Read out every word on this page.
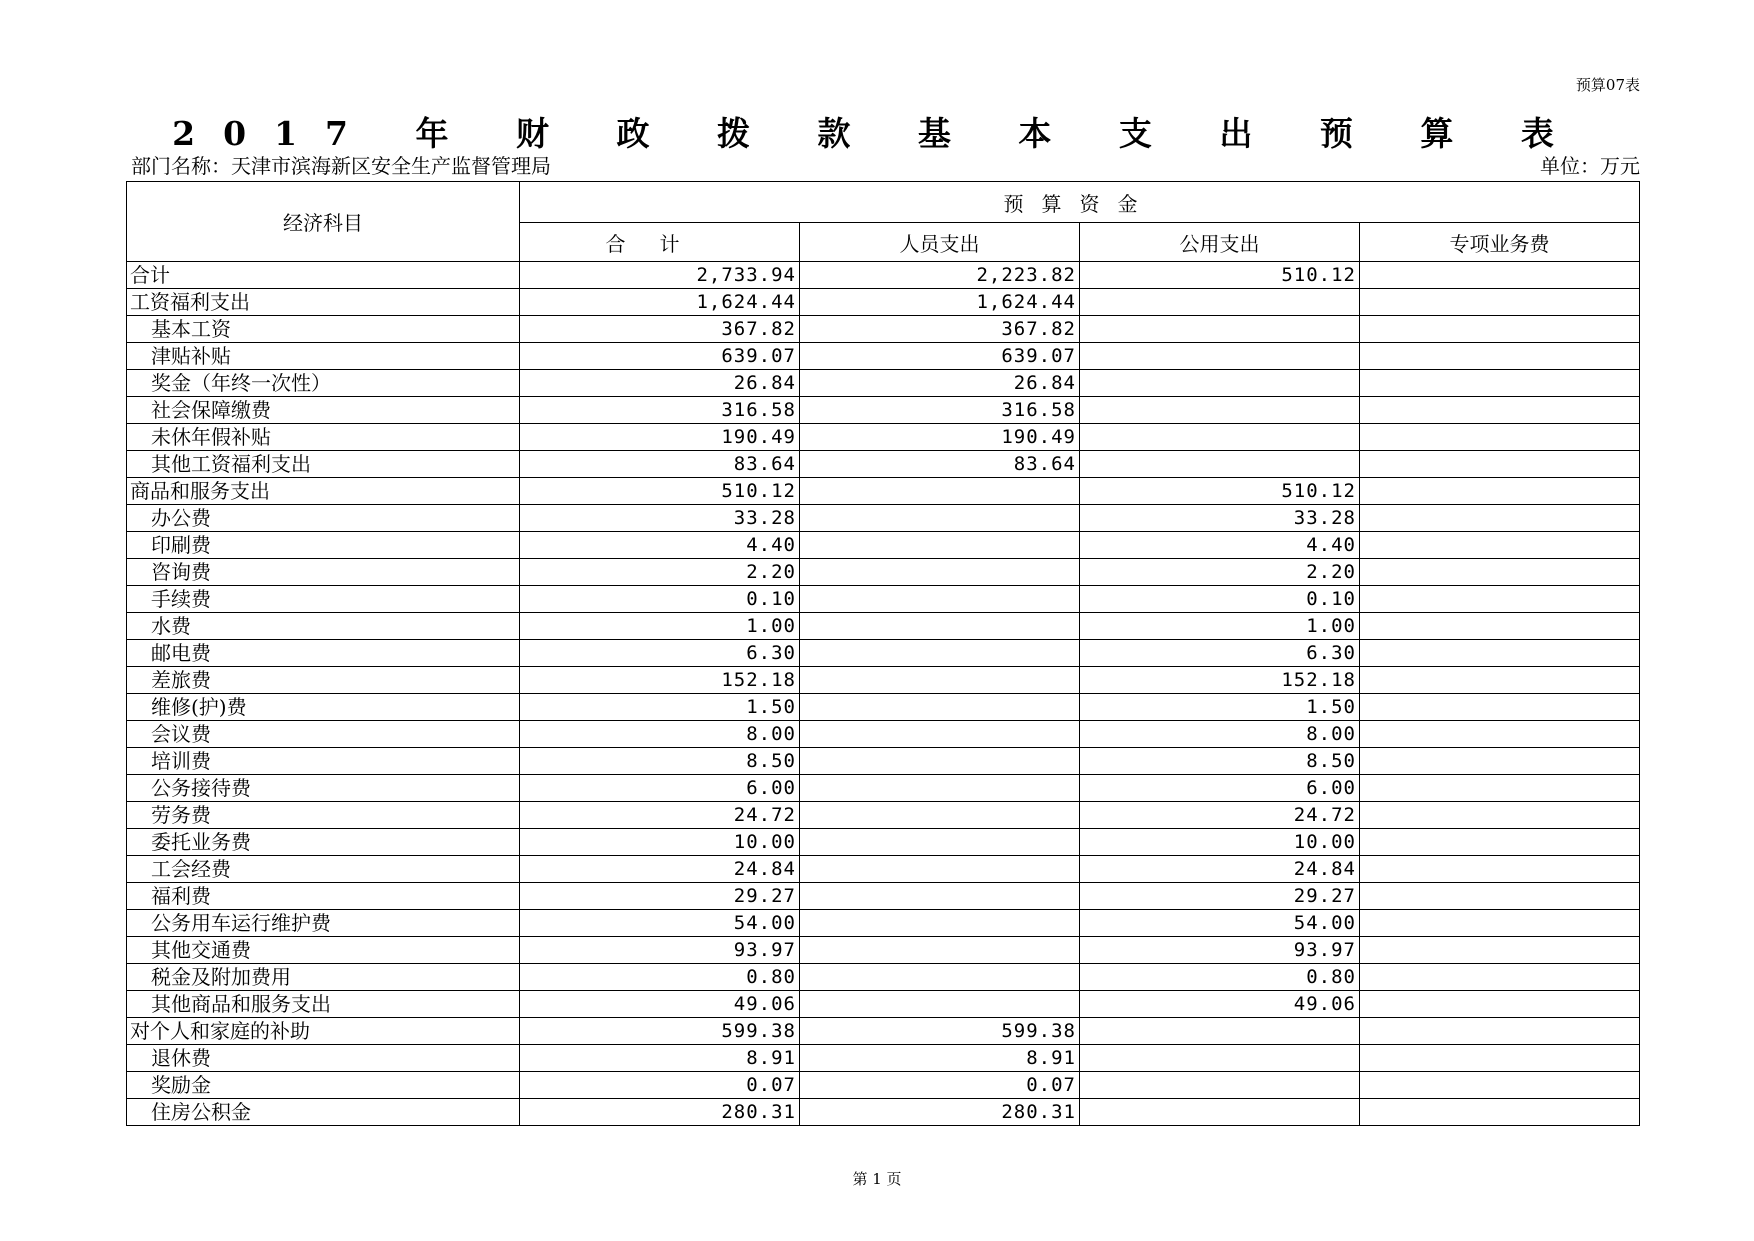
预算07表
2017 年 财 政 拨 款 基 本 支 出 预 算 表
部门名称：天津市滨海新区安全生产监督管理局	单位：万元
经济科目	预算资金			
	合计	人员支出	公用支出	专项业务费
合计	2,733.94	2,223.82	510.12	
工资福利支出	1,624.44	1,624.44		
基本工资	367.82	367.82		
津贴补贴	639.07	639.07		
奖金（年终一次性）	26.84	26.84		
社会保障缴费	316.58	316.58		
未休年假补贴	190.49	190.49		
其他工资福利支出	83.64	83.64		
商品和服务支出	510.12		510.12	
办公费	33.28		33.28	
印刷费	4.40		4.40	
咨询费	2.20		2.20	
手续费	0.10		0.10	
水费	1.00		1.00	
邮电费	6.30		6.30	
差旅费	152.18		152.18	
维修(护)费	1.50		1.50	
会议费	8.00		8.00	
培训费	8.50		8.50	
公务接待费	6.00		6.00	
劳务费	24.72		24.72	
委托业务费	10.00		10.00	
工会经费	24.84		24.84	
福利费	29.27		29.27	
公务用车运行维护费	54.00		54.00	
其他交通费	93.97		93.97	
税金及附加费用	0.80		0.80	
其他商品和服务支出	49.06		49.06	
对个人和家庭的补助	599.38	599.38		
退休费	8.91	8.91		
奖励金	0.07	0.07		
住房公积金	280.31	280.31		
第 1 页
